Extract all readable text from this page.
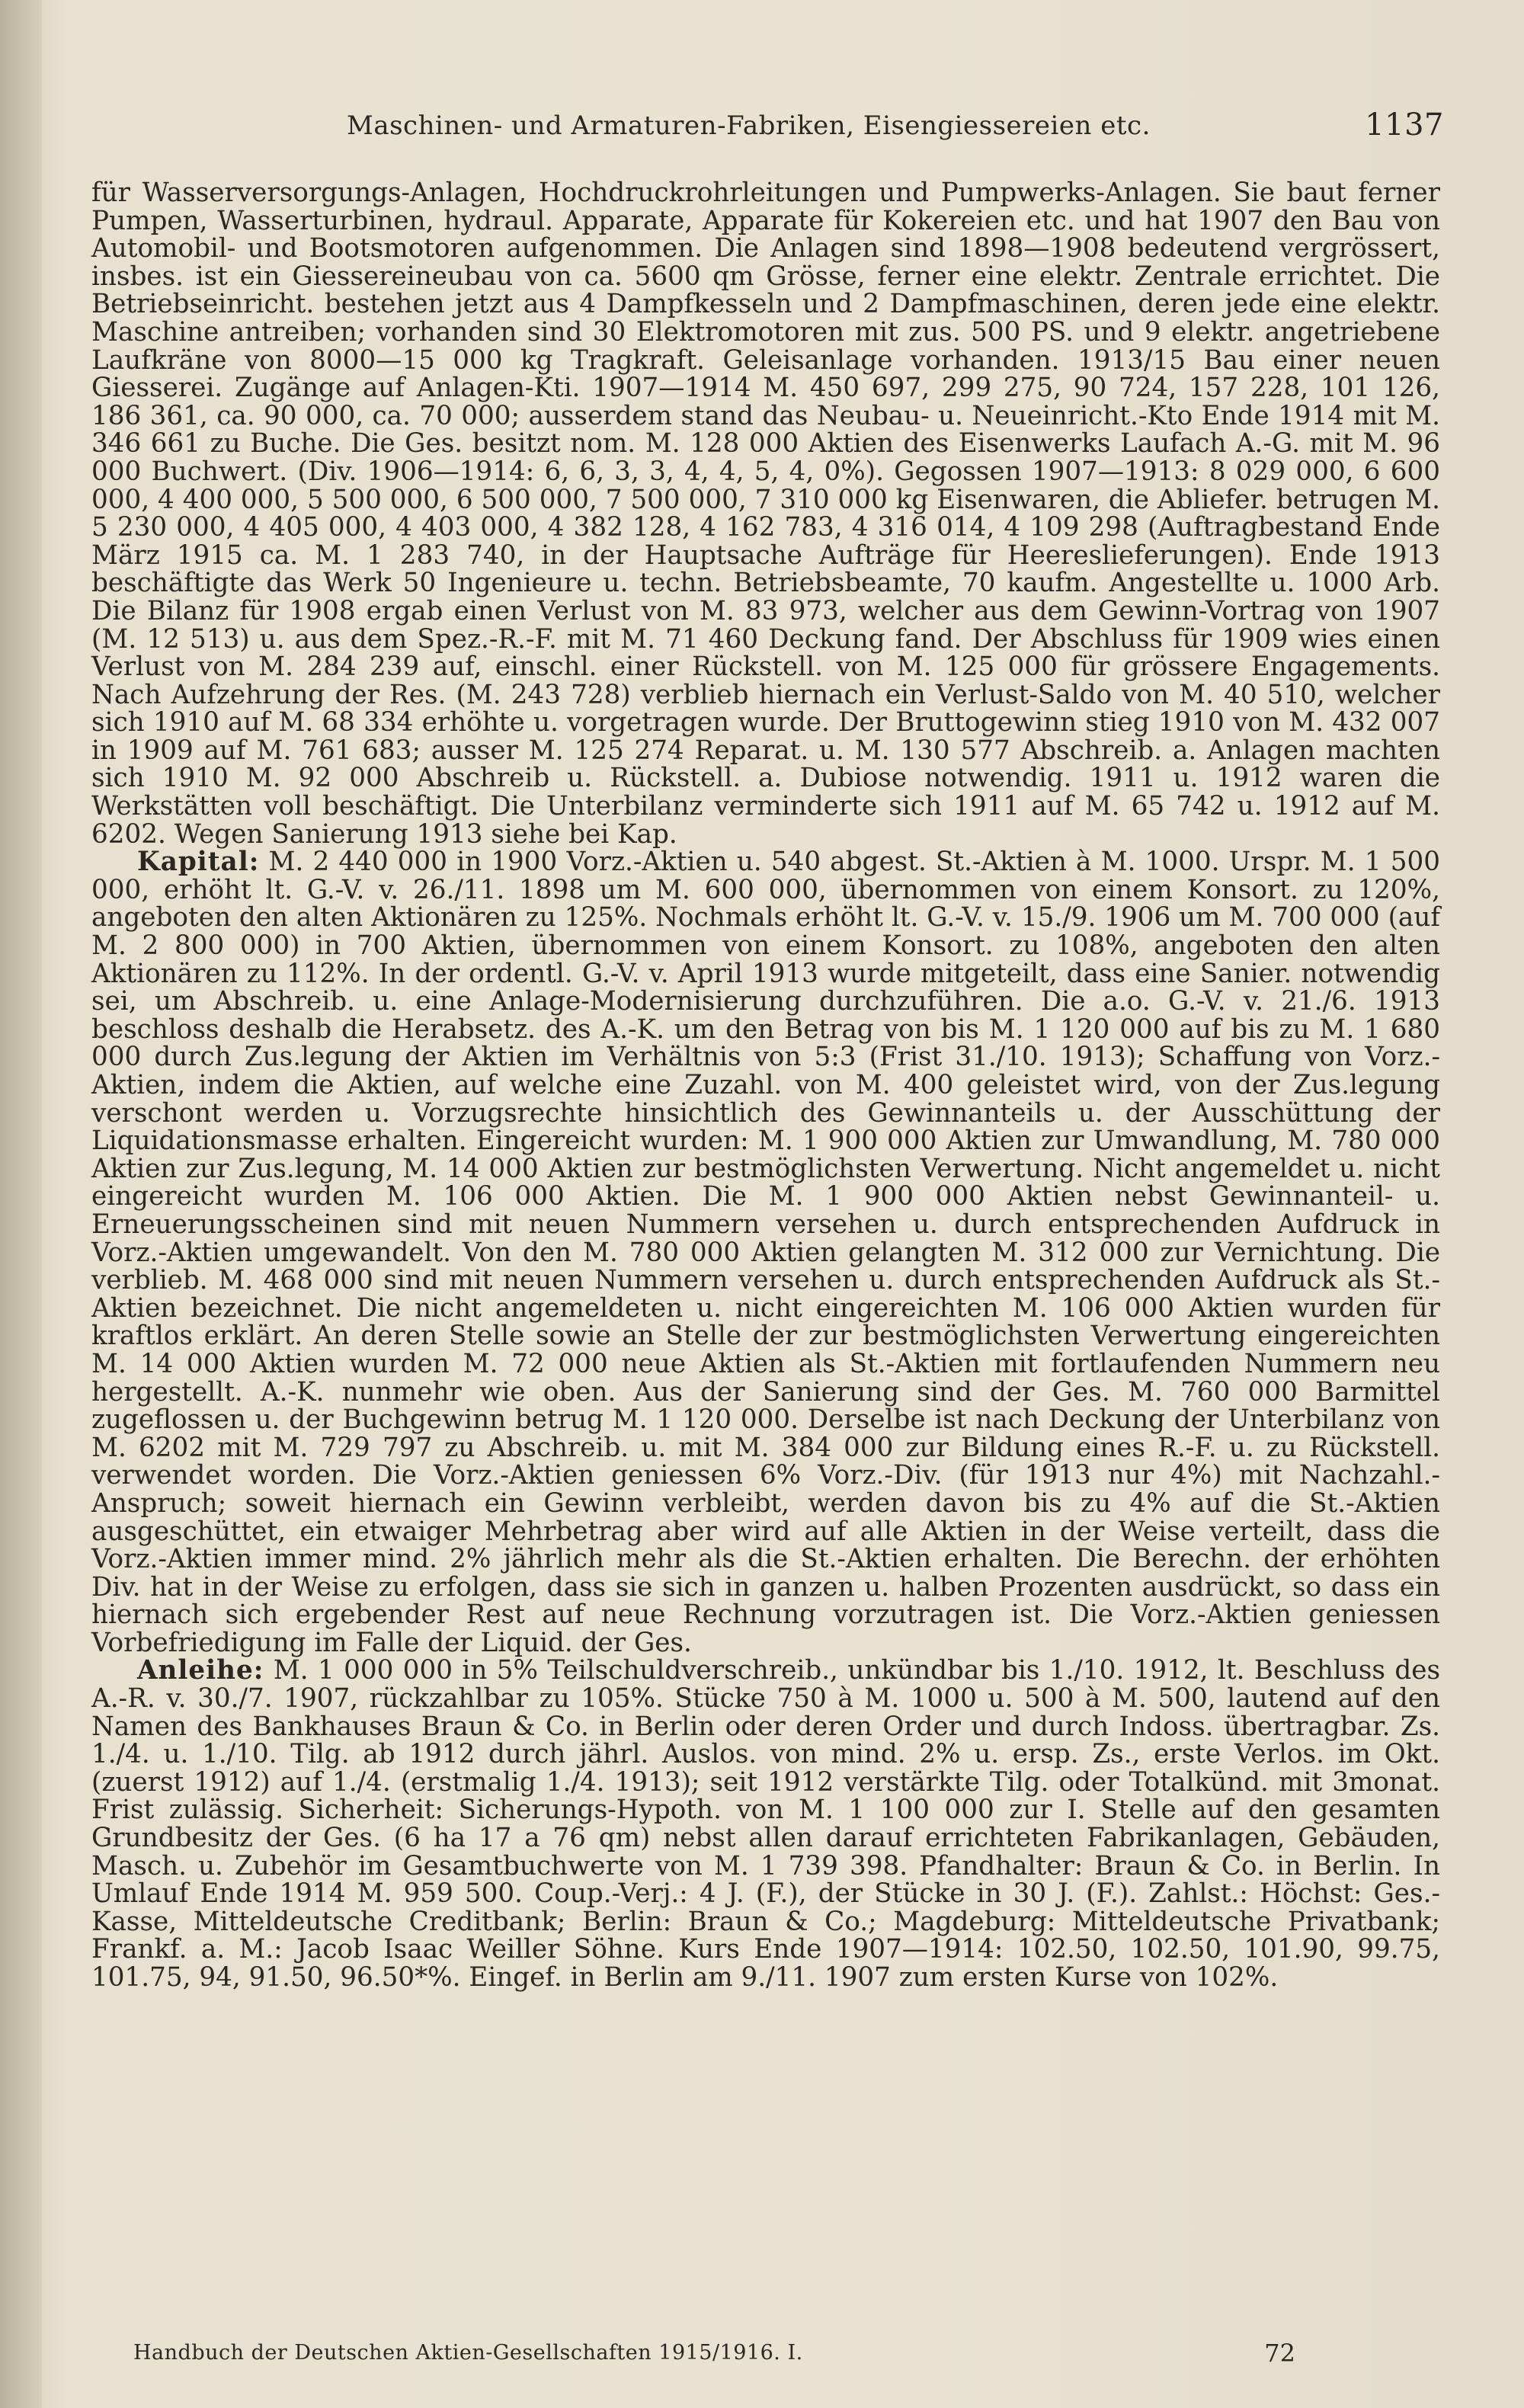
Maschinen- und Armaturen-Fabriken, Eisengiessereien etc.	1137

für Wasserversorgungs-Anlagen, Hochdruckrohrleitungen und Pumpwerks-Anlagen. Sie baut ferner Pumpen, Wasserturbinen, hydraul. Apparate, Apparate für Kokereien etc. und hat 1907 den Bau von Automobil- und Bootsmotoren aufgenommen. Die Anlagen sind 1898—1908 bedeutend vergrössert, insbes. ist ein Giessereineubau von ca. 5600 qm Grösse, ferner eine elektr. Zentrale errichtet. Die Betriebseinricht. bestehen jetzt aus 4 Dampfkesseln und 2 Dampfmaschinen, deren jede eine elektr. Maschine antreiben; vorhanden sind 30 Elektromotoren mit zus. 500 PS. und 9 elektr. angetriebene Laufkräne von 8000—15 000 kg Tragkraft. Geleisanlage vorhanden. 1913/15 Bau einer neuen Giesserei. Zugänge auf Anlagen-Kti. 1907—1914 M. 450 697, 299 275, 90 724, 157 228, 101 126, 186 361, ca. 90 000, ca. 70 000; ausserdem stand das Neubau- u. Neueinricht.-Kto Ende 1914 mit M. 346 661 zu Buche. Die Ges. besitzt nom. M. 128 000 Aktien des Eisenwerks Laufach A.-G. mit M. 96 000 Buchwert. (Div. 1906—1914: 6, 6, 3, 3, 4, 4, 5, 4, 0%). Gegossen 1907—1913: 8 029 000, 6 600 000, 4 400 000, 5 500 000, 6 500 000, 7 500 000, 7 310 000 kg Eisenwaren, die Abliefer. betrugen M. 5 230 000, 4 405 000, 4 403 000, 4 382 128, 4 162 783, 4 316 014, 4 109 298 (Auftragbestand Ende März 1915 ca. M. 1 283 740, in der Hauptsache Aufträge für Heereslieferungen). Ende 1913 beschäftigte das Werk 50 Ingenieure u. techn. Betriebsbeamte, 70 kaufm. Angestellte u. 1000 Arb. Die Bilanz für 1908 ergab einen Verlust von M. 83 973, welcher aus dem Gewinn-Vortrag von 1907 (M. 12 513) u. aus dem Spez.-R.-F. mit M. 71 460 Deckung fand. Der Abschluss für 1909 wies einen Verlust von M. 284 239 auf, einschl. einer Rückstell. von M. 125 000 für grössere Engagements. Nach Aufzehrung der Res. (M. 243 728) verblieb hiernach ein Verlust-Saldo von M. 40 510, welcher sich 1910 auf M. 68 334 erhöhte u. vorgetragen wurde. Der Bruttogewinn stieg 1910 von M. 432 007 in 1909 auf M. 761 683; ausser M. 125 274 Reparat. u. M. 130 577 Abschreib. a. Anlagen machten sich 1910 M. 92 000 Abschreib u. Rückstell. a. Dubiose notwendig. 1911 u. 1912 waren die Werkstätten voll beschäftigt. Die Unterbilanz verminderte sich 1911 auf M. 65 742 u. 1912 auf M. 6202. Wegen Sanierung 1913 siehe bei Kap.

Kapital: M. 2 440 000 in 1900 Vorz.-Aktien u. 540 abgest. St.-Aktien à M. 1000. Urspr. M. 1 500 000, erhöht lt. G.-V. v. 26./11. 1898 um M. 600 000, übernommen von einem Konsort. zu 120%, angeboten den alten Aktionären zu 125%. Nochmals erhöht lt. G.-V. v. 15./9. 1906 um M. 700 000 (auf M. 2 800 000) in 700 Aktien, übernommen von einem Konsort. zu 108%, angeboten den alten Aktionären zu 112%. In der ordentl. G.-V. v. April 1913 wurde mitgeteilt, dass eine Sanier. notwendig sei, um Abschreib. u. eine Anlage-Modernisierung durchzuführen. Die a.o. G.-V. v. 21./6. 1913 beschloss deshalb die Herabsetz. des A.-K. um den Betrag von bis M. 1 120 000 auf bis zu M. 1 680 000 durch Zus.legung der Aktien im Verhältnis von 5:3 (Frist 31./10. 1913); Schaffung von Vorz.-Aktien, indem die Aktien, auf welche eine Zuzahl. von M. 400 geleistet wird, von der Zus.legung verschont werden u. Vorzugsrechte hinsichtlich des Gewinnanteils u. der Ausschüttung der Liquidationsmasse erhalten. Eingereicht wurden: M. 1 900 000 Aktien zur Umwandlung, M. 780 000 Aktien zur Zus.legung, M. 14 000 Aktien zur bestmöglichsten Verwertung. Nicht angemeldet u. nicht eingereicht wurden M. 106 000 Aktien. Die M. 1 900 000 Aktien nebst Gewinnanteil- u. Erneuerungsscheinen sind mit neuen Nummern versehen u. durch entsprechenden Aufdruck in Vorz.-Aktien umgewandelt. Von den M. 780 000 Aktien gelangten M. 312 000 zur Vernichtung. Die verblieb. M. 468 000 sind mit neuen Nummern versehen u. durch entsprechenden Aufdruck als St.-Aktien bezeichnet. Die nicht angemeldeten u. nicht eingereichten M. 106 000 Aktien wurden für kraftlos erklärt. An deren Stelle sowie an Stelle der zur bestmöglichsten Verwertung eingereichten M. 14 000 Aktien wurden M. 72 000 neue Aktien als St.-Aktien mit fortlaufenden Nummern neu hergestellt. A.-K. nunmehr wie oben. Aus der Sanierung sind der Ges. M. 760 000 Barmittel zugeflossen u. der Buchgewinn betrug M. 1 120 000. Derselbe ist nach Deckung der Unterbilanz von M. 6202 mit M. 729 797 zu Abschreib. u. mit M. 384 000 zur Bildung eines R.-F. u. zu Rückstell. verwendet worden. Die Vorz.-Aktien geniessen 6% Vorz.-Div. (für 1913 nur 4%) mit Nachzahl.-Anspruch; soweit hiernach ein Gewinn verbleibt, werden davon bis zu 4% auf die St.-Aktien ausgeschüttet, ein etwaiger Mehrbetrag aber wird auf alle Aktien in der Weise verteilt, dass die Vorz.-Aktien immer mind. 2% jährlich mehr als die St.-Aktien erhalten. Die Berechn. der erhöhten Div. hat in der Weise zu erfolgen, dass sie sich in ganzen u. halben Prozenten ausdrückt, so dass ein hiernach sich ergebender Rest auf neue Rechnung vorzutragen ist. Die Vorz.-Aktien geniessen Vorbefriedigung im Falle der Liquid. der Ges.

Anleihe: M. 1 000 000 in 5% Teilschuldverschreib., unkündbar bis 1./10. 1912, lt. Beschluss des A.-R. v. 30./7. 1907, rückzahlbar zu 105%. Stücke 750 à M. 1000 u. 500 à M. 500, lautend auf den Namen des Bankhauses Braun & Co. in Berlin oder deren Order und durch Indoss. übertragbar. Zs. 1./4. u. 1./10. Tilg. ab 1912 durch jährl. Auslos. von mind. 2% u. ersp. Zs., erste Verlos. im Okt. (zuerst 1912) auf 1./4. (erstmalig 1./4. 1913); seit 1912 verstärkte Tilg. oder Totalkünd. mit 3monat. Frist zulässig. Sicherheit: Sicherungs-Hypoth. von M. 1 100 000 zur I. Stelle auf den gesamten Grundbesitz der Ges. (6 ha 17 a 76 qm) nebst allen darauf errichteten Fabrikanlagen, Gebäuden, Masch. u. Zubehör im Gesamtbuchwerte von M. 1 739 398. Pfandhalter: Braun & Co. in Berlin. In Umlauf Ende 1914 M. 959 500. Coup.-Verj.: 4 J. (F.), der Stücke in 30 J. (F.). Zahlst.: Höchst: Ges.-Kasse, Mitteldeutsche Creditbank; Berlin: Braun & Co.; Magdeburg: Mitteldeutsche Privatbank; Frankf. a. M.: Jacob Isaac Weiller Söhne. Kurs Ende 1907—1914: 102.50, 102.50, 101.90, 99.75, 101.75, 94, 91.50, 96.50*%. Eingef. in Berlin am 9./11. 1907 zum ersten Kurse von 102%.

Handbuch der Deutschen Aktien-Gesellschaften 1915/1916. I.	72
